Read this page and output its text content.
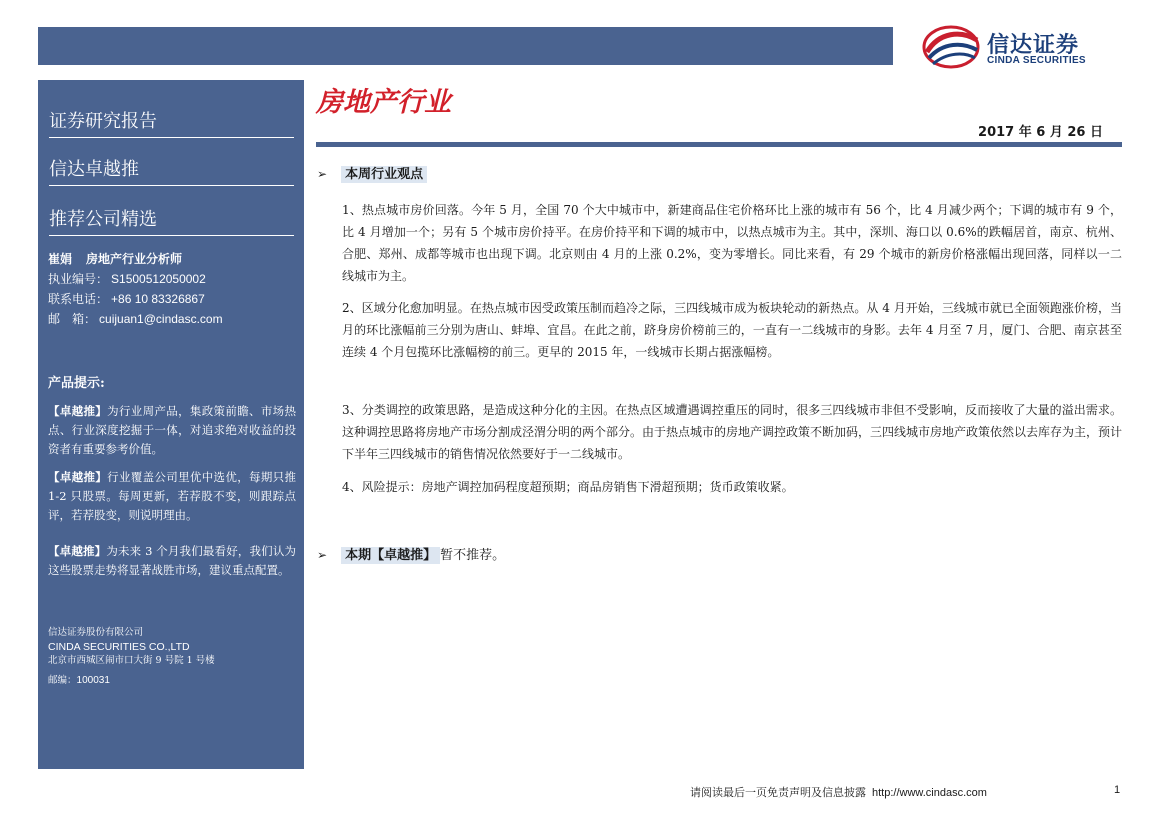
信达证券
CINDA SECURITIES
证券研究报告
信达卓越推
推荐公司精选
崔娟 房地产行业分析师
执业编号： S1500512050002
联系电话： +86 10 83326867
邮　箱： cuijuan1@cindasc.com
产品提示:
【卓越推】为行业周产品，集政策前瞻、市场热点、行业深度挖掘于一体，对追求绝对收益的投资者有重要参考价值。
【卓越推】行业覆盖公司里优中选优，每期只推 1-2 只股票。每周更新，若荐股不变，则跟踪点评，若荐股变，则说明理由。
【卓越推】为未来 3 个月我们最看好，我们认为这些股票走势将显著战胜市场，建议重点配置。
信达证券股份有限公司
CINDA SECURITIES CO.,LTD
北京市西城区闹市口大街 9 号院 1 号楼
邮编：100031
房地产行业
2017 年 6 月 26 日
➢ 本周行业观点
1、热点城市房价回落。今年 5 月，全国 70 个大中城市中，新建商品住宅价格环比上涨的城市有 56 个，比 4 月减少两个；下调的城市有 9 个，比 4 月增加一个；另有 5 个城市房价持平。在房价持平和下调的城市中，以热点城市为主。其中，深圳、海口以 0.6%的跌幅居首，南京、杭州、合肥、郑州、成都等城市也出现下调。北京则由 4 月的上涨 0.2%，变为零增长。同比来看，有 29 个城市的新房价格涨幅出现回落，同样以一二线城市为主。
2、区域分化愈加明显。在热点城市因受政策压制而趋冷之际，三四线城市成为板块轮动的新热点。从 4 月开始，三线城市就已全面领跑涨价榜，当月的环比涨幅前三分别为唐山、蚌埠、宜昌。在此之前，跻身房价榜前三的，一直有一二线城市的身影。去年 4 月至 7 月，厦门、合肥、南京甚至连续 4 个月包揽环比涨幅榜的前三。更早的 2015 年，一线城市长期占据涨幅榜。
3、分类调控的政策思路，是造成这种分化的主因。在热点区域遭遇调控重压的同时，很多三四线城市非但不受影响，反而接收了大量的溢出需求。这种调控思路将房地产市场分割成泾渭分明的两个部分。由于热点城市的房地产调控政策不断加码，三四线城市房地产政策依然以去库存为主，预计下半年三四线城市的销售情况依然要好于一二线城市。
4、风险提示：房地产调控加码程度超预期；商品房销售下滑超预期；货币政策收紧。
➢ 本期【卓越推】 暂不推荐。
请阅读最后一页免责声明及信息披露 http://www.cindasc.com	1
